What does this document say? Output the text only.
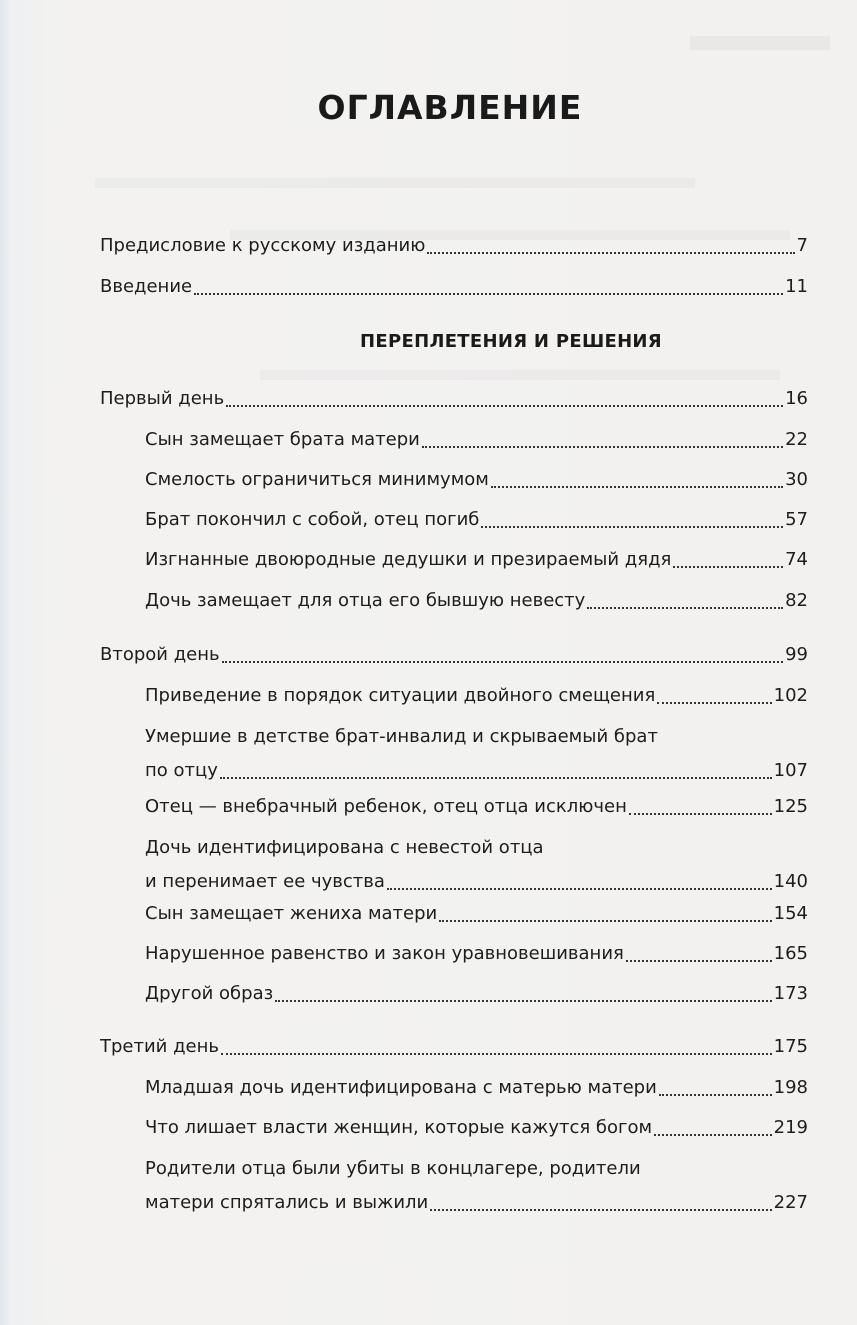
ОГЛАВЛЕНИЕ
Предисловие к русскому изданию	7
Введение	11
ПЕРЕПЛЕТЕНИЯ И РЕШЕНИЯ
Первый день	16
Сын замещает брата матери	22
Смелость ограничиться минимумом	30
Брат покончил с собой, отец погиб	57
Изгнанные двоюродные дедушки и презираемый дядя	74
Дочь замещает для отца его бывшую невесту	82
Второй день	99
Приведение в порядок ситуации двойного смещения	102
Умершие в детстве брат-инвалид и скрываемый брат
по отцу	107
Отец — внебрачный ребенок, отец отца исключен	125
Дочь идентифицирована с невестой отца
и перенимает ее чувства	140
Сын замещает жениха матери	154
Нарушенное равенство и закон уравновешивания	165
Другой образ	173
Третий день	175
Младшая дочь идентифицирована с матерью матери	198
Что лишает власти женщин, которые кажутся богом	219
Родители отца были убиты в концлагере, родители
матери спрятались и выжили	227
